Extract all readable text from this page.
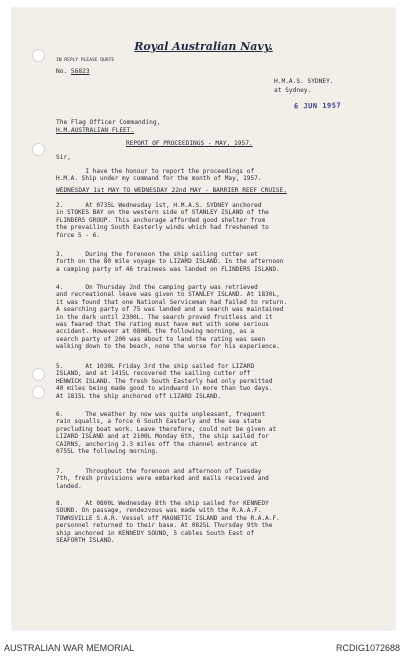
Royal Australian Navy.
IN REPLY PLEASE QUOTE
No. 56823
H.M.A.S. SYDNEY.
at Sydney.
6 JUN 1957
The Flag Officer Commanding,
H.M.AUSTRALIAN FLEET.
REPORT OF PROCEEDINGS - MAY, 1957.
Sir,
I have the honour to report the proceedings of
H.M.A. Ship under my command for the month of May, 1957.
WEDNESDAY 1st MAY TO WEDNESDAY 22nd MAY - BARRIER REEF CRUISE.
2.      At 0735L Wednesday 1st, H.M.A.S. SYDNEY anchored
in STOKES BAY on the western side of STANLEY ISLAND of the
FLINDERS GROUP. This anchorage afforded good shelter from
the prevailing South Easterly winds which had freshened to
force 5 - 6.
3.      During the forenoon the ship sailing cutter set
forth on the 80 mile voyage to LIZARD ISLAND. In the afternoon
a camping party of 46 trainees was landed on FLINDERS ISLAND.
4.      On Thursday 2nd the camping party was retrieved
and recreational leave was given to STANLEY ISLAND. At 1830L,
it was found that one National Serviceman had failed to return.
A searching party of 75 was landed and a search was maintained
in the dark until 2300L. The search proved fruitless and it
was feared that the rating must have met with some serious
accident. However at 0800L the following morning, as a
search party of 200 was about to land the rating was seen
walking down to the beach, none the worse for his experience.
5.      At 1030L Friday 3rd the ship sailed for LIZARD
ISLAND, and at 1415L recovered the sailing cutter off
HENWICK ISLAND. The fresh South Easterly had only permitted
40 miles being made good to windward in more than two days.
At 1815L the ship anchored off LIZARD ISLAND.
6.      The weather by now was quite unpleasant, frequent
rain squalls, a force 6 South Easterly and the sea state
precluding boat work. Leave therefore, could not be given at
LIZARD ISLAND and at 2100L Monday 6th, the ship sailed for
CAIRNS, anchoring 2.3 miles off the channel entrance at
0755L the following morning.
7.      Throughout the forenoon and afternoon of Tuesday
7th, fresh provisions were embarked and mails received and
landed.
8.      At 0800L Wednesday 8th the ship sailed for KENNEDY
SOUND. On passage, rendezvous was made with the R.A.A.F.
TOWNSVILLE S.A.R. Vessel off MAGNETIC ISLAND and the R.A.A.F.
personnel returned to their base. At 0825L Thursday 9th the
ship anchored in KENNEDY SOUND, 5 cables South East of
SEAFORTH ISLAND.
AUSTRALIAN WAR MEMORIAL	RCDIG1072688
